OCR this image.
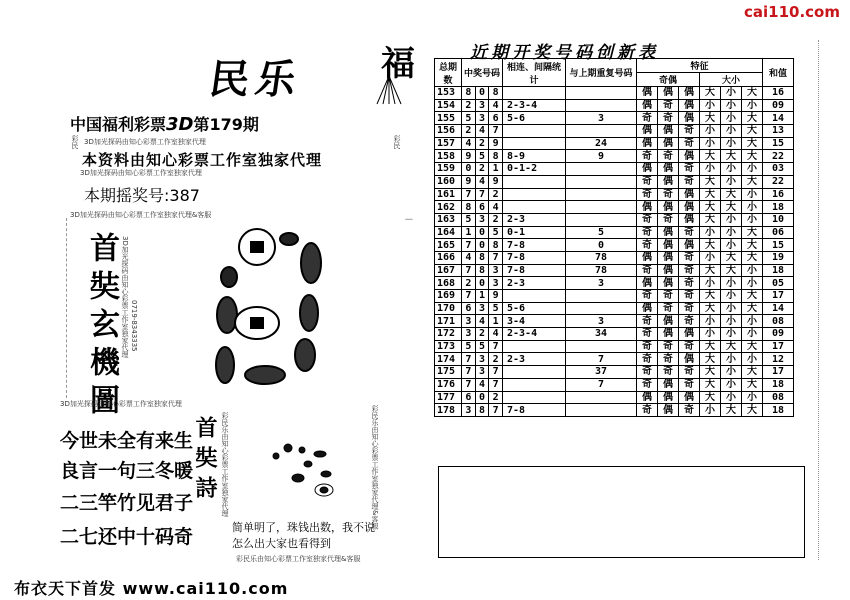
cai110.com
民乐 福
中国福利彩票3D第179期
3D加光探码由知心彩票工作室独家代理
彩民
本资料由知心彩票工作室独家代理
彩民
3D加光探码由知心彩票工作室独家代理
本期摇奖号:387
3D加光探码由知心彩票工作室独家代理&客服
首奘玄機圖 3D加光探码由知心彩票工作室独家代理 0719-8343335
3D加光探码由知心彩票工作室独家代理
今世未全有来生
良言一句三冬暖
二三竿竹见君子
二七还中十码奇
首奘詩 彩民乐由知心彩票工作室独家代理	彩民乐由知心彩票工作室独家代理&客服
简单明了，珠钱出数，我不说
怎么出大家也看得到
彩民乐由知心彩票工作室独家代理&客服
布衣天下首发 www.cai110.com
近期开奖号码创新表
总期数	中奖号码			相连、间隔统计	与上期重复号码	特征						和值
						奇偶			大小			
153	8	0	8			偶	偶	偶	大	小	大	16
154	2	3	4	2-3-4		偶	奇	偶	小	小	小	09
155	5	3	6	5-6	3	奇	奇	偶	大	小	大	14
156	2	4	7			偶	偶	奇	小	小	大	13
157	4	2	9		24	偶	偶	奇	小	小	大	15
158	9	5	8	8-9	9	奇	奇	偶	大	大	大	22
159	0	2	1	0-1-2		偶	偶	奇	小	小	小	03
160	9	4	9			奇	偶	奇	大	小	大	22
161	7	7	2			奇	奇	偶	大	大	小	16
162	8	6	4			偶	偶	偶	大	大	小	18
163	5	3	2	2-3		奇	奇	偶	大	小	小	10
164	1	0	5	0-1	5	奇	偶	奇	小	小	大	06
165	7	0	8	7-8	0	奇	偶	偶	大	小	大	15
166	4	8	7	7-8	78	偶	偶	奇	小	大	大	19
167	7	8	3	7-8	78	奇	偶	奇	大	大	小	18
168	2	0	3	2-3	3	偶	偶	奇	小	小	小	05
169	7	1	9			奇	奇	奇	大	小	大	17
170	6	3	5	5-6		偶	奇	奇	大	小	大	14
171	3	4	1	3-4	3	奇	偶	奇	小	小	小	08
172	3	2	4	2-3-4	34	奇	偶	偶	小	小	小	09
173	5	5	7			奇	奇	奇	大	大	大	17
174	7	3	2	2-3	7	奇	奇	偶	大	小	小	12
175	7	3	7		37	奇	奇	奇	大	小	大	17
176	7	4	7		7	奇	偶	奇	大	小	大	18
177	6	0	2			偶	偶	偶	大	小	小	08
178	3	8	7	7-8		奇	偶	奇	小	大	大	18
|
